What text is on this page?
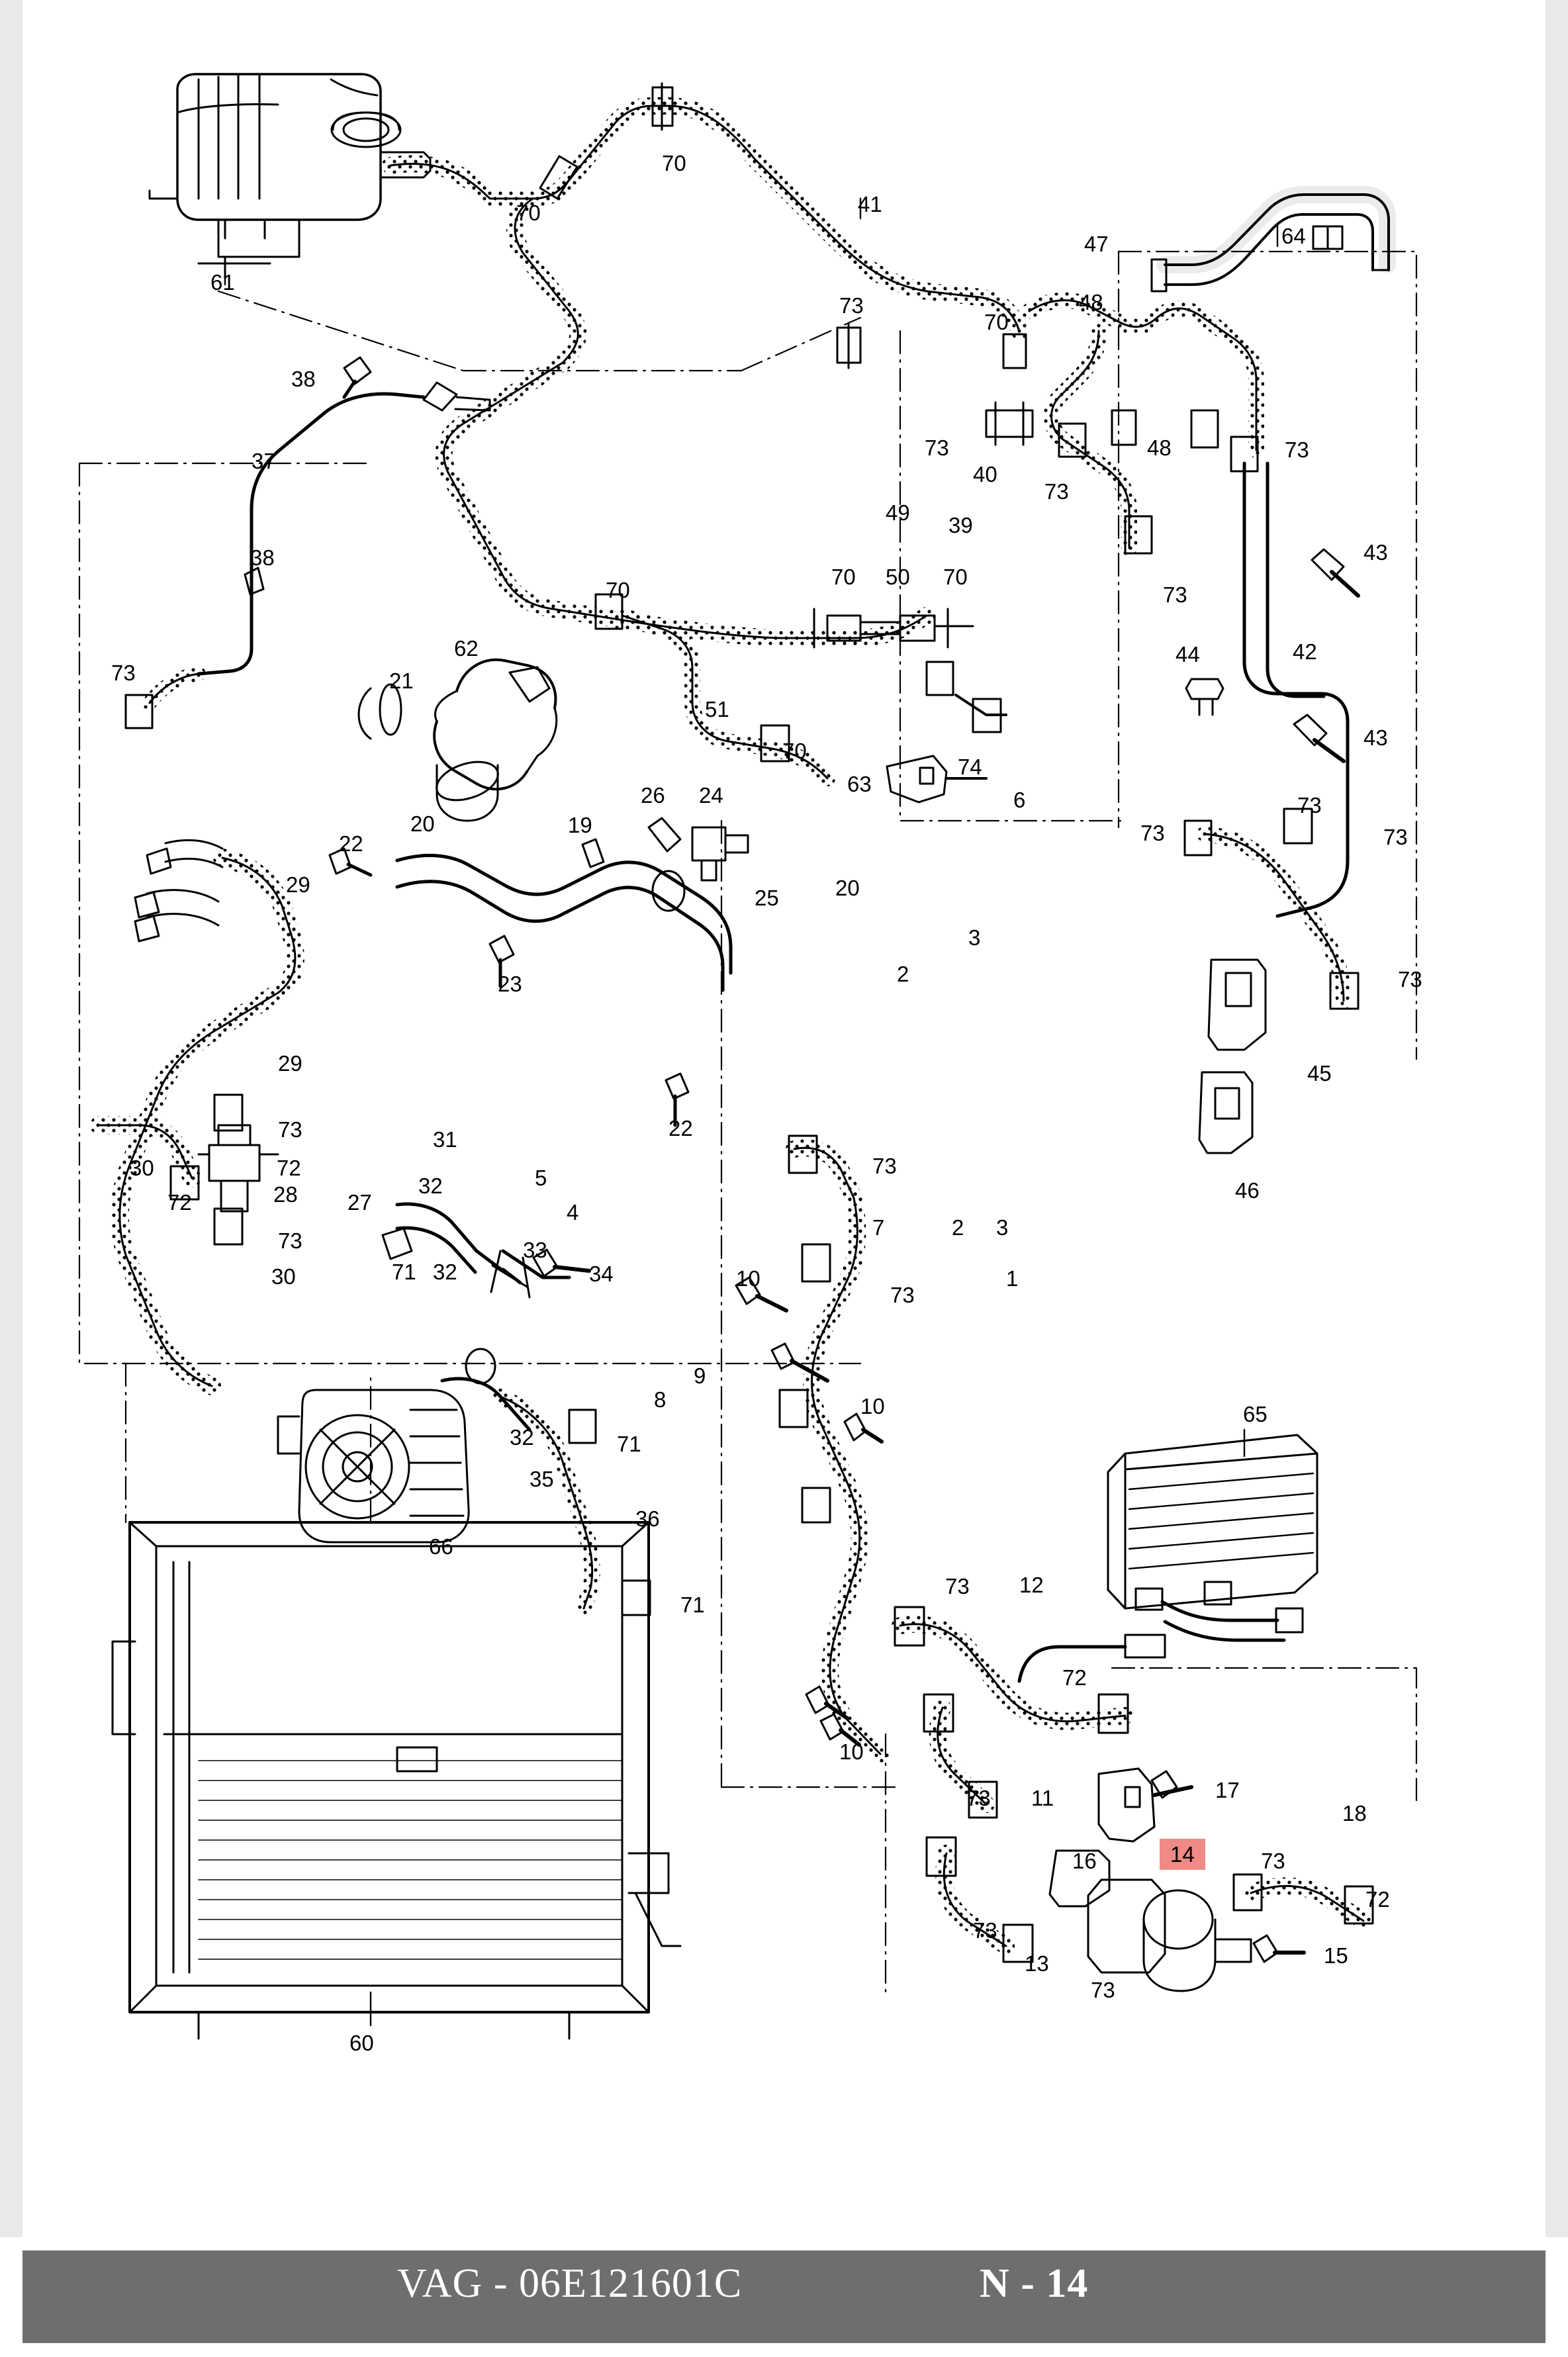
61
70
70	41
47	64
48
73
70
73
40
48	73
73
39
49
73
43
42
44
43
73
73	73
73
45
46
38
37
38
73
70
70 50 70
51
70
74
63
6
21
62
26 24
19
20
22
29
25	20
3
2
23
29
73
72
30
72	28
73
30
27
31
32
71 32
33
34
32
35
71
36
71
66
60
5
4
22
73
7
73
10
9
8	10
10
2 3
1
73 12
65
72
11
73	17
18
16	14	73
72
15
13
73
73
VAG - 06E121601C	N - 14
